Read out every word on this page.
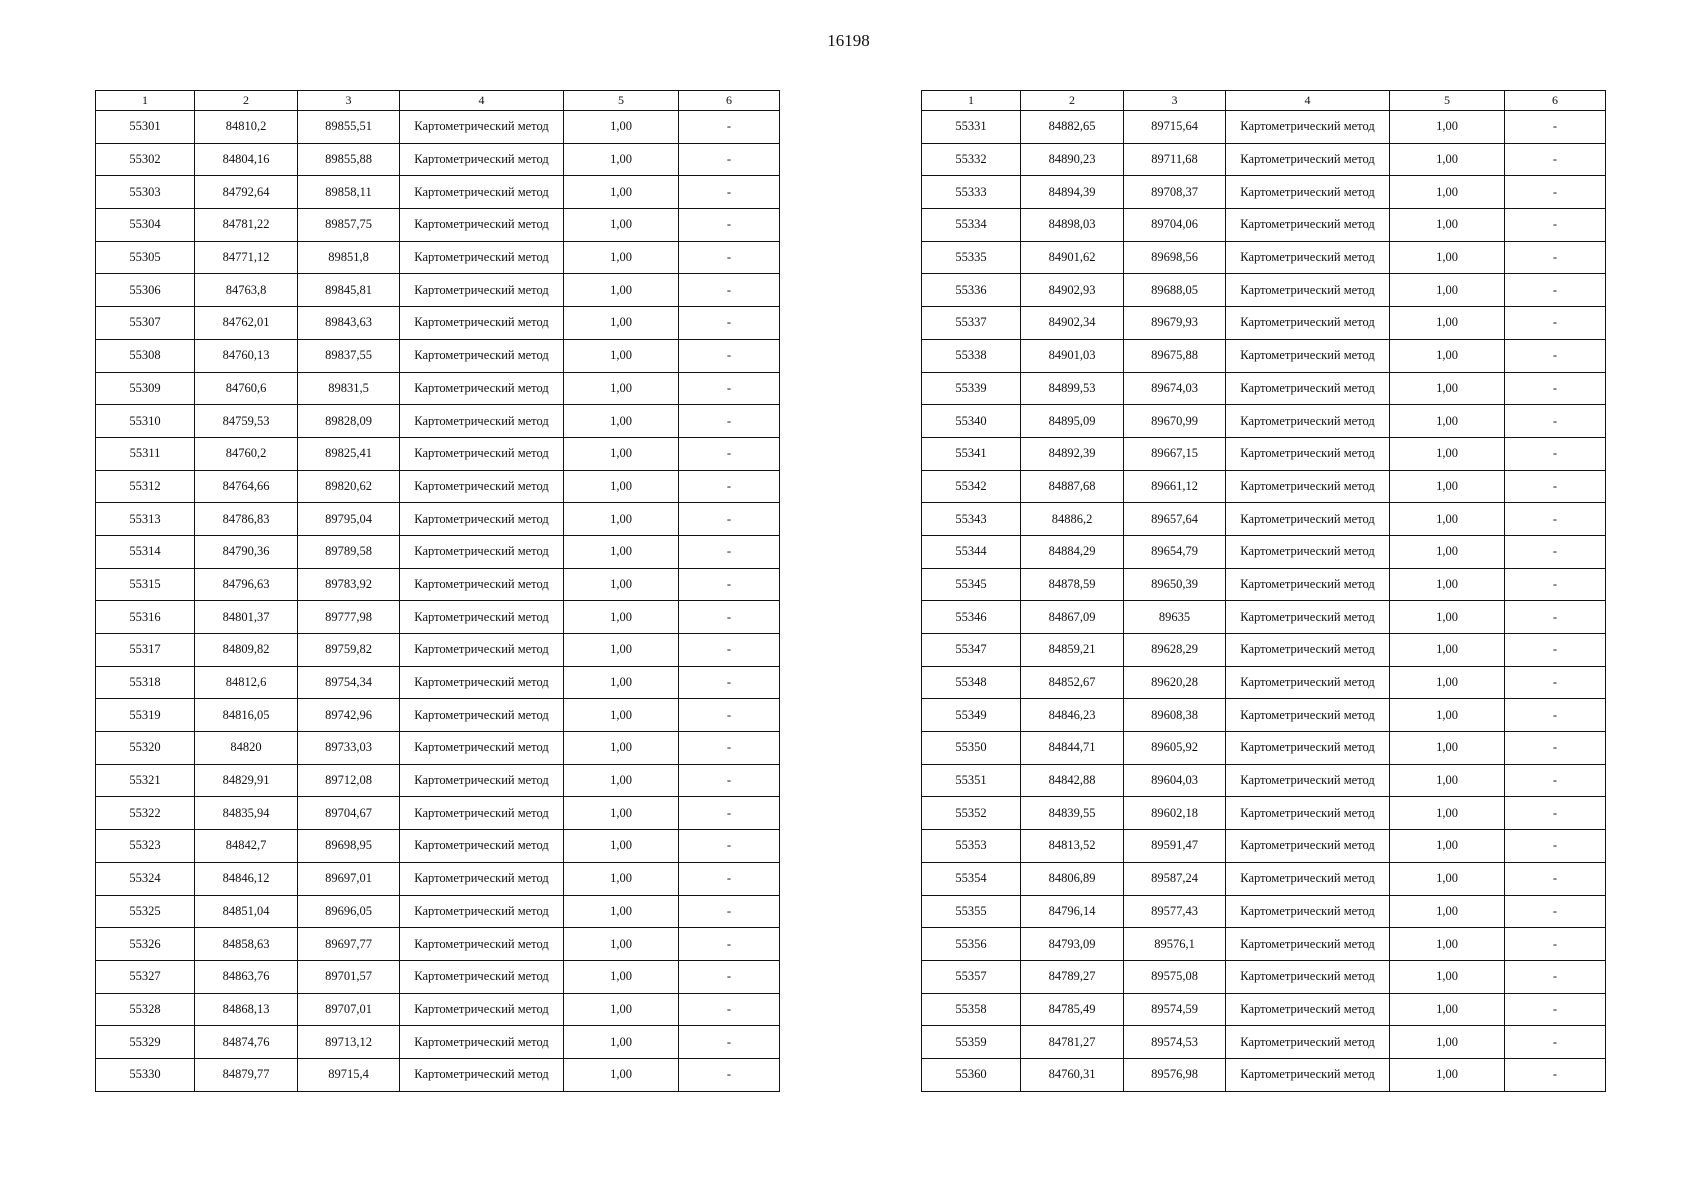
16198
1	2	3	4	5	6
55301	84810,2	89855,51	Картометрический метод	1,00	-
55302	84804,16	89855,88	Картометрический метод	1,00	-
55303	84792,64	89858,11	Картометрический метод	1,00	-
55304	84781,22	89857,75	Картометрический метод	1,00	-
55305	84771,12	89851,8	Картометрический метод	1,00	-
55306	84763,8	89845,81	Картометрический метод	1,00	-
55307	84762,01	89843,63	Картометрический метод	1,00	-
55308	84760,13	89837,55	Картометрический метод	1,00	-
55309	84760,6	89831,5	Картометрический метод	1,00	-
55310	84759,53	89828,09	Картометрический метод	1,00	-
55311	84760,2	89825,41	Картометрический метод	1,00	-
55312	84764,66	89820,62	Картометрический метод	1,00	-
55313	84786,83	89795,04	Картометрический метод	1,00	-
55314	84790,36	89789,58	Картометрический метод	1,00	-
55315	84796,63	89783,92	Картометрический метод	1,00	-
55316	84801,37	89777,98	Картометрический метод	1,00	-
55317	84809,82	89759,82	Картометрический метод	1,00	-
55318	84812,6	89754,34	Картометрический метод	1,00	-
55319	84816,05	89742,96	Картометрический метод	1,00	-
55320	84820	89733,03	Картометрический метод	1,00	-
55321	84829,91	89712,08	Картометрический метод	1,00	-
55322	84835,94	89704,67	Картометрический метод	1,00	-
55323	84842,7	89698,95	Картометрический метод	1,00	-
55324	84846,12	89697,01	Картометрический метод	1,00	-
55325	84851,04	89696,05	Картометрический метод	1,00	-
55326	84858,63	89697,77	Картометрический метод	1,00	-
55327	84863,76	89701,57	Картометрический метод	1,00	-
55328	84868,13	89707,01	Картометрический метод	1,00	-
55329	84874,76	89713,12	Картометрический метод	1,00	-
55330	84879,77	89715,4	Картометрический метод	1,00	-
1	2	3	4	5	6
55331	84882,65	89715,64	Картометрический метод	1,00	-
55332	84890,23	89711,68	Картометрический метод	1,00	-
55333	84894,39	89708,37	Картометрический метод	1,00	-
55334	84898,03	89704,06	Картометрический метод	1,00	-
55335	84901,62	89698,56	Картометрический метод	1,00	-
55336	84902,93	89688,05	Картометрический метод	1,00	-
55337	84902,34	89679,93	Картометрический метод	1,00	-
55338	84901,03	89675,88	Картометрический метод	1,00	-
55339	84899,53	89674,03	Картометрический метод	1,00	-
55340	84895,09	89670,99	Картометрический метод	1,00	-
55341	84892,39	89667,15	Картометрический метод	1,00	-
55342	84887,68	89661,12	Картометрический метод	1,00	-
55343	84886,2	89657,64	Картометрический метод	1,00	-
55344	84884,29	89654,79	Картометрический метод	1,00	-
55345	84878,59	89650,39	Картометрический метод	1,00	-
55346	84867,09	89635	Картометрический метод	1,00	-
55347	84859,21	89628,29	Картометрический метод	1,00	-
55348	84852,67	89620,28	Картометрический метод	1,00	-
55349	84846,23	89608,38	Картометрический метод	1,00	-
55350	84844,71	89605,92	Картометрический метод	1,00	-
55351	84842,88	89604,03	Картометрический метод	1,00	-
55352	84839,55	89602,18	Картометрический метод	1,00	-
55353	84813,52	89591,47	Картометрический метод	1,00	-
55354	84806,89	89587,24	Картометрический метод	1,00	-
55355	84796,14	89577,43	Картометрический метод	1,00	-
55356	84793,09	89576,1	Картометрический метод	1,00	-
55357	84789,27	89575,08	Картометрический метод	1,00	-
55358	84785,49	89574,59	Картометрический метод	1,00	-
55359	84781,27	89574,53	Картометрический метод	1,00	-
55360	84760,31	89576,98	Картометрический метод	1,00	-
